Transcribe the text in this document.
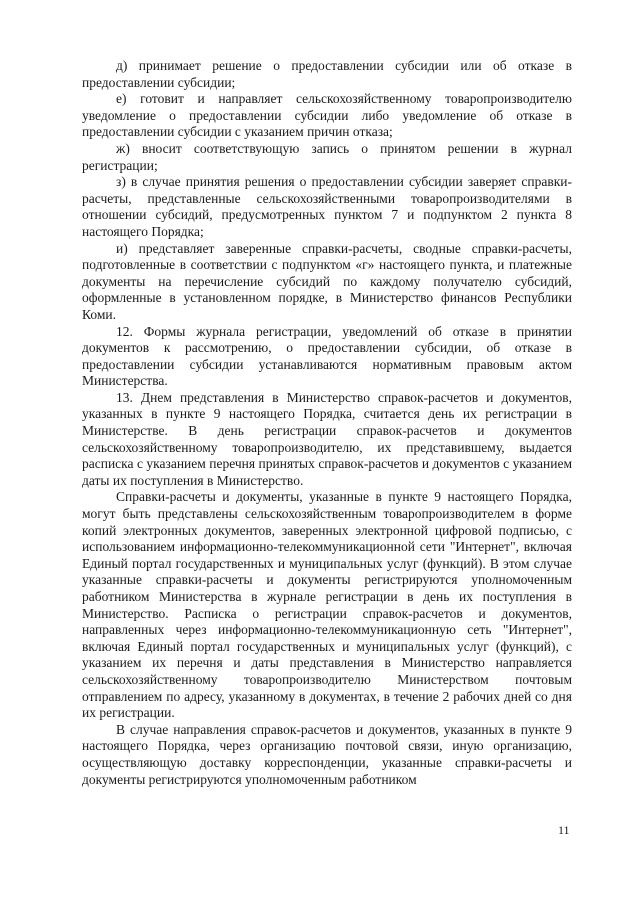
д) принимает решение о предоставлении субсидии или об отказе в предоставлении субсидии;

е) готовит и направляет сельскохозяйственному товаропроизводителю уведомление о предоставлении субсидии либо уведомление об отказе в предоставлении субсидии с указанием причин отказа;

ж) вносит соответствующую запись о принятом решении в журнал регистрации;

з) в случае принятия решения о предоставлении субсидии заверяет справки-расчеты, представленные сельскохозяйственными товаропроизводителями в отношении субсидий, предусмотренных пунктом 7 и подпунктом 2 пункта 8 настоящего Порядка;

и) представляет заверенные справки-расчеты, сводные справки-расчеты, подготовленные в соответствии с подпунктом «г» настоящего пункта, и платежные документы на перечисление субсидий по каждому получателю субсидий, оформленные в установленном порядке, в Министерство финансов Республики Коми.

12. Формы журнала регистрации, уведомлений об отказе в принятии документов к рассмотрению, о предоставлении субсидии, об отказе в предоставлении субсидии устанавливаются нормативным правовым актом Министерства.

13. Днем представления в Министерство справок-расчетов и документов, указанных в пункте 9 настоящего Порядка, считается день их регистрации в Министерстве. В день регистрации справок-расчетов и документов сельскохозяйственному товаропроизводителю, их представившему, выдается расписка с указанием перечня принятых справок-расчетов и документов с указанием даты их поступления в Министерство.

Справки-расчеты и документы, указанные в пункте 9 настоящего Порядка, могут быть представлены сельскохозяйственным товаропроизводителем в форме копий электронных документов, заверенных электронной цифровой подписью, с использованием информационно-телекоммуникационной сети "Интернет", включая Единый портал государственных и муниципальных услуг (функций). В этом случае указанные справки-расчеты и документы регистрируются уполномоченным работником Министерства в журнале регистрации в день их поступления в Министерство. Расписка о регистрации справок-расчетов и документов, направленных через информационно-телекоммуникационную сеть "Интернет", включая Единый портал государственных и муниципальных услуг (функций), с указанием их перечня и даты представления в Министерство направляется сельскохозяйственному товаропроизводителю Министерством почтовым отправлением по адресу, указанному в документах, в течение 2 рабочих дней со дня их регистрации.

В случае направления справок-расчетов и документов, указанных в пункте 9 настоящего Порядка, через организацию почтовой связи, иную организацию, осуществляющую доставку корреспонденции, указанные справки-расчеты и документы регистрируются уполномоченным работником

11
